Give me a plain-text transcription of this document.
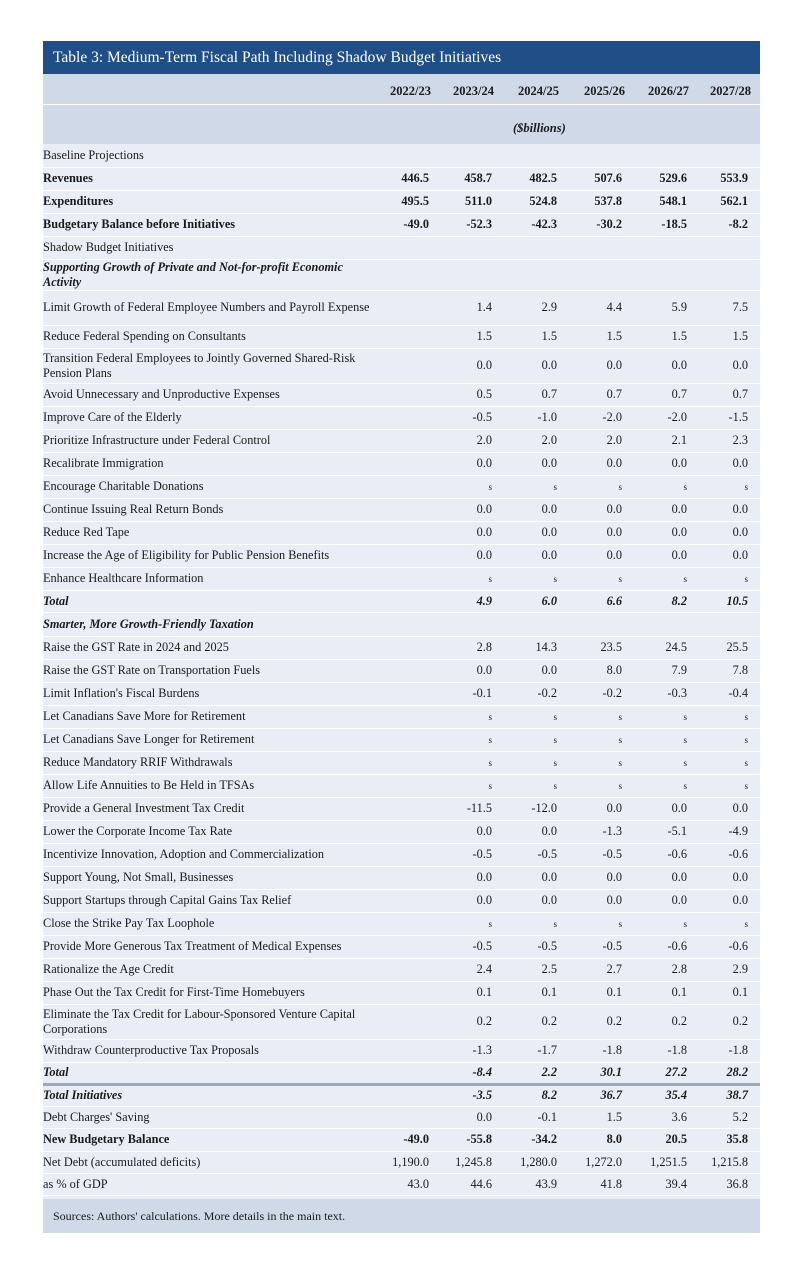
Table 3: Medium-Term Fiscal Path Including Shadow Budget Initiatives
2022/23	2023/24	2024/25	2025/26	2026/27	2027/28
($billions)
Baseline Projections						
Revenues	446.5	458.7	482.5	507.6	529.6	553.9
Expenditures	495.5	511.0	524.8	537.8	548.1	562.1
Budgetary Balance before Initiatives	-49.0	-52.3	-42.3	-30.2	-18.5	-8.2
Shadow Budget Initiatives						
Supporting Growth of Private and Not-for-profit Economic Activity						
Limit Growth of Federal Employee Numbers and Payroll Expense		1.4	2.9	4.4	5.9	7.5
Reduce Federal Spending on Consultants		1.5	1.5	1.5	1.5	1.5
Transition Federal Employees to Jointly Governed Shared-Risk Pension Plans		0.0	0.0	0.0	0.0	0.0
Avoid Unnecessary and Unproductive Expenses		0.5	0.7	0.7	0.7	0.7
Improve Care of the Elderly		-0.5	-1.0	-2.0	-2.0	-1.5
Prioritize Infrastructure under Federal Control		2.0	2.0	2.0	2.1	2.3
Recalibrate Immigration		0.0	0.0	0.0	0.0	0.0
Encourage Charitable Donations		s	s	s	s	s
Continue Issuing Real Return Bonds		0.0	0.0	0.0	0.0	0.0
Reduce Red Tape		0.0	0.0	0.0	0.0	0.0
Increase the Age of Eligibility for Public Pension Benefits		0.0	0.0	0.0	0.0	0.0
Enhance Healthcare Information		s	s	s	s	s
Total		4.9	6.0	6.6	8.2	10.5
Smarter, More Growth-Friendly Taxation						
Raise the GST Rate in 2024 and 2025		2.8	14.3	23.5	24.5	25.5
Raise the GST Rate on Transportation Fuels		0.0	0.0	8.0	7.9	7.8
Limit Inflation's Fiscal Burdens		-0.1	-0.2	-0.2	-0.3	-0.4
Let Canadians Save More for Retirement		s	s	s	s	s
Let Canadians Save Longer for Retirement		s	s	s	s	s
Reduce Mandatory RRIF Withdrawals		s	s	s	s	s
Allow Life Annuities to Be Held in TFSAs		s	s	s	s	s
Provide a General Investment Tax Credit		-11.5	-12.0	0.0	0.0	0.0
Lower the Corporate Income Tax Rate		0.0	0.0	-1.3	-5.1	-4.9
Incentivize Innovation, Adoption and Commercialization		-0.5	-0.5	-0.5	-0.6	-0.6
Support Young, Not Small, Businesses		0.0	0.0	0.0	0.0	0.0
Support Startups through Capital Gains Tax Relief		0.0	0.0	0.0	0.0	0.0
Close the Strike Pay Tax Loophole		s	s	s	s	s
Provide More Generous Tax Treatment of Medical Expenses		-0.5	-0.5	-0.5	-0.6	-0.6
Rationalize the Age Credit		2.4	2.5	2.7	2.8	2.9
Phase Out the Tax Credit for First-Time Homebuyers		0.1	0.1	0.1	0.1	0.1
Eliminate the Tax Credit for Labour-Sponsored Venture Capital Corporations		0.2	0.2	0.2	0.2	0.2
Withdraw Counterproductive Tax Proposals		-1.3	-1.7	-1.8	-1.8	-1.8
Total		-8.4	2.2	30.1	27.2	28.2
Total Initiatives		-3.5	8.2	36.7	35.4	38.7
Debt Charges' Saving		0.0	-0.1	1.5	3.6	5.2
New Budgetary Balance	-49.0	-55.8	-34.2	8.0	20.5	35.8
Net Debt (accumulated deficits)	1,190.0	1,245.8	1,280.0	1,272.0	1,251.5	1,215.8
as % of GDP	43.0	44.6	43.9	41.8	39.4	36.8
Sources: Authors' calculations. More details in the main text.
